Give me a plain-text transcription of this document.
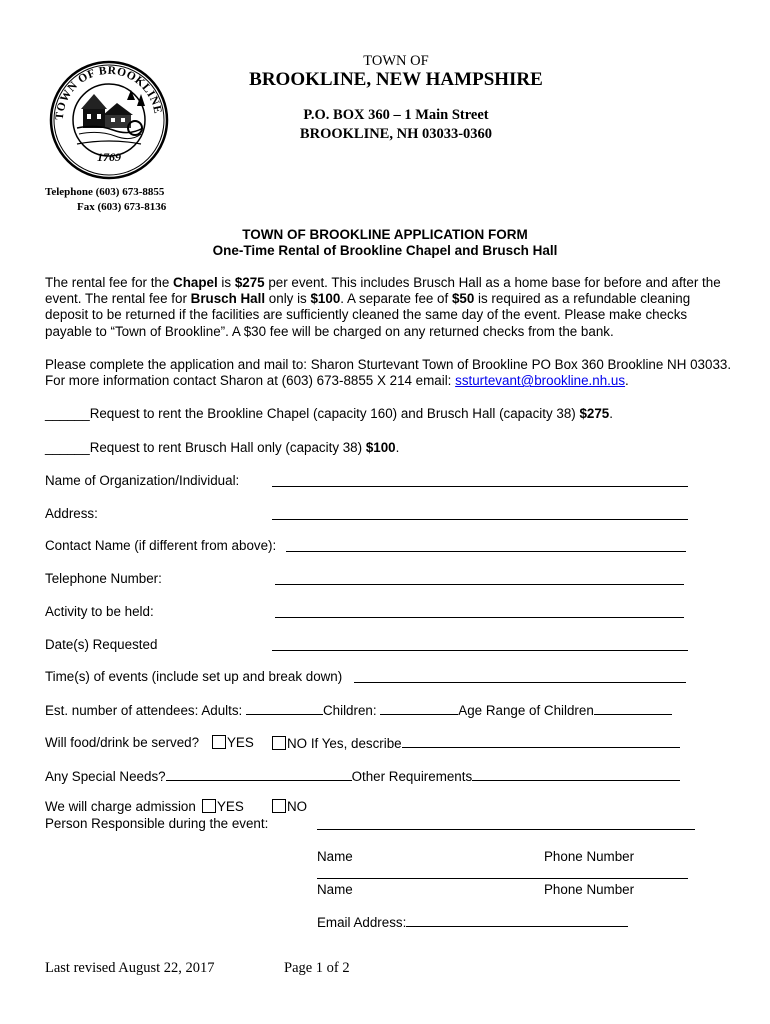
TOWN OF BROOKLINE
1769
TOWN OF
BROOKLINE, NEW HAMPSHIRE
P.O. BOX 360 – 1 Main Street
BROOKLINE, NH 03033-0360
Telephone (603) 673-8855
Fax (603) 673-8136
TOWN OF BROOKLINE APPLICATION FORM
One-Time Rental of Brookline Chapel and Brusch Hall
The rental fee for the Chapel is $275 per event. This includes Brusch Hall as a home base for before and after the event. The rental fee for Brusch Hall only is $100. A separate fee of $50 is required as a refundable cleaning deposit to be returned if the facilities are sufficiently cleaned the same day of the event. Please make checks payable to “Town of Brookline”. A $30 fee will be charged on any returned checks from the bank.
Please complete the application and mail to: Sharon Sturtevant Town of Brookline PO Box 360 Brookline NH 03033. For more information contact Sharon at (603) 673-8855 X 214 email: ssturtevant@brookline.nh.us.
______Request to rent the Brookline Chapel (capacity 160) and Brusch Hall (capacity 38) $275.
______Request to rent Brusch Hall only (capacity 38) $100.
Name of Organization/Individual:
Address:
Contact Name (if different from above):
Telephone Number:
Activity to be held:
Date(s) Requested
Time(s) of events (include set up and break down)
Est. number of attendees: Adults:	Children:	Age Range of Children
Will food/drink be served?	YES	NO If Yes, describe
Any Special Needs?	Other Requirements
We will charge admission	YES	NO
Person Responsible during the event:
Name	Phone Number
Name	Phone Number
Email Address:
Last revised August 22, 2017	Page 1 of 2
